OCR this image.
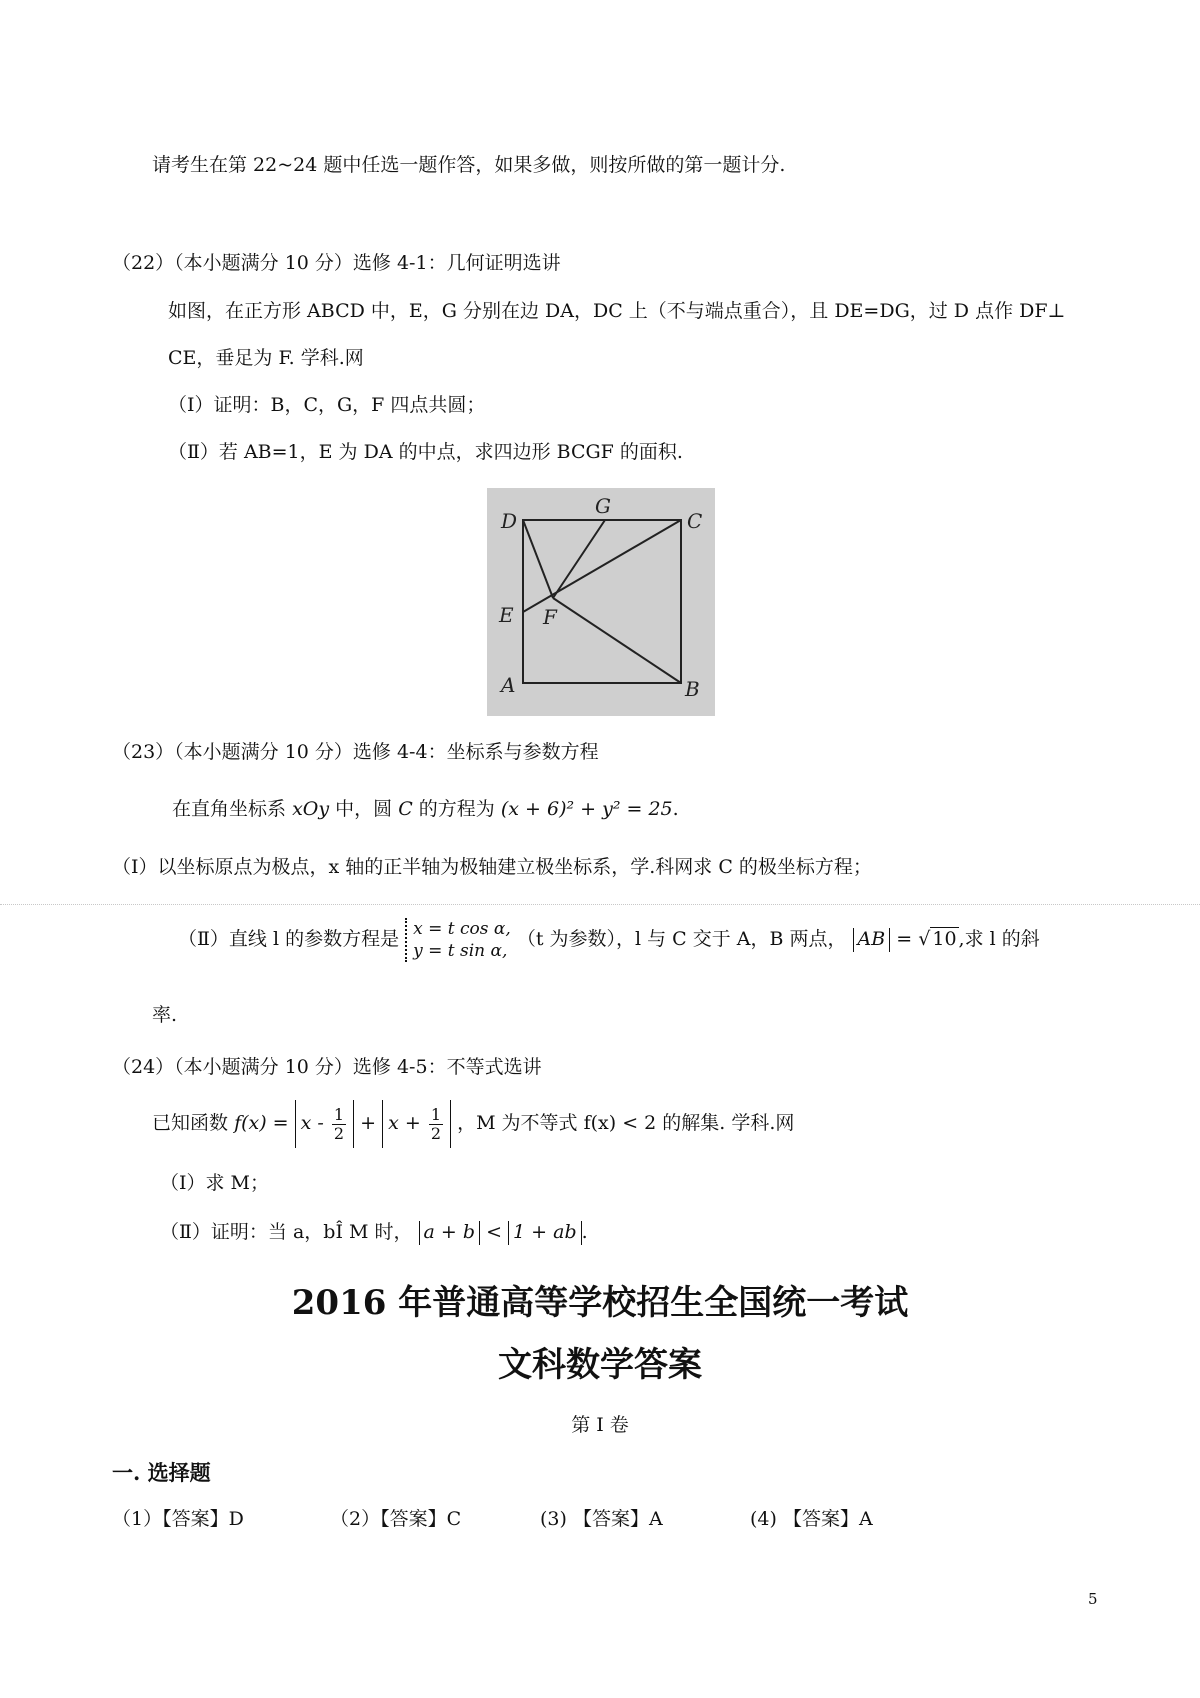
请考生在第 22~24 题中任选一题作答，如果多做，则按所做的第一题计分.
（22）（本小题满分 10 分）选修 4-1：几何证明选讲
如图，在正方形 ABCD 中，E，G 分别在边 DA，DC 上（不与端点重合），且 DE=DG，过 D 点作 DF⊥
CE，垂足为 F. 学科.网
（Ⅰ）证明：B，C，G，F 四点共圆；
（Ⅱ）若 AB=1，E 为 DA 的中点，求四边形 BCGF 的面积.
D
G
C
E F
A	B
（23）（本小题满分 10 分）选修 4-4：坐标系与参数方程
在直角坐标系 xOy 中，圆 C 的方程为 (x + 6)² + y² = 25.
（Ⅰ）以坐标原点为极点，x 轴的正半轴为极轴建立极坐标系，学.科网求 C 的极坐标方程；
（Ⅱ）直线 l 的参数方程是 x = t cos α,
y = t sin α,
（t 为参数），l 与 C 交于 A，B 两点， AB = √ 10 ,求 l 的斜
率.
（24）（本小题满分 10 分）选修 4-5：不等式选讲
已知函数 $f(x) = x - \frac{1}{2} + x + \frac{1}{2}$ ，M 为不等式 f(x) < 2 的解集. 学科.网
（Ⅰ）求 M；
（Ⅱ）证明：当 a，bÎ M 时， a + b < 1 + ab .
2016 年普通高等学校招生全国统一考试
文科数学答案
第 I 卷
一. 选择题
（1）【答案】D	（2）【答案】C	(3) 【答案】A	(4) 【答案】A
5
